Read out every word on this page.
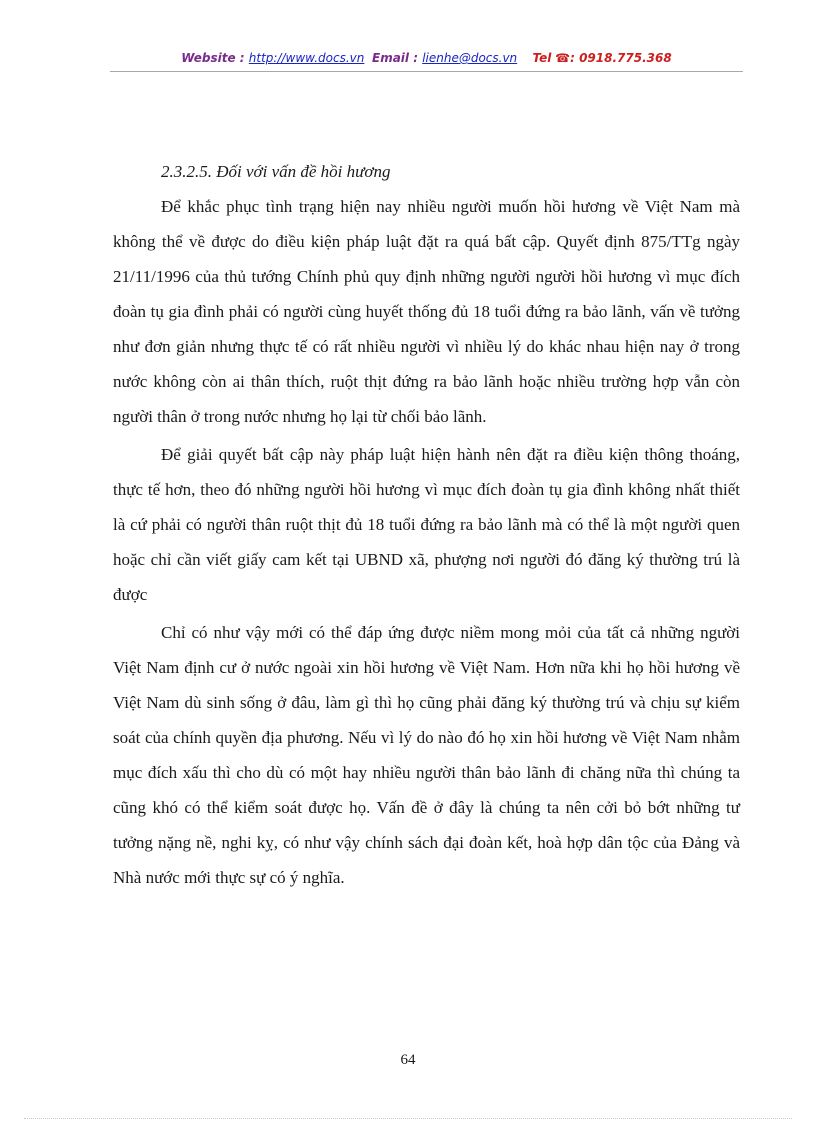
Website : http://www.docs.vn Email : lienhe@docs.vn Tel ☎: 0918.775.368

2.3.2.5. Đối với vấn đề hồi hương

Để khắc phục tình trạng hiện nay nhiều người muốn hồi hương về Việt Nam mà không thể về được do điều kiện pháp luật đặt ra quá bất cập. Quyết định 875/TTg ngày 21/11/1996 của thủ tướng Chính phủ quy định những người người hồi hương vì mục đích đoàn tụ gia đình phải có người cùng huyết thống đủ 18 tuổi đứng ra bảo lãnh, vấn về tưởng như đơn giản nhưng thực tế có rất nhiều người vì nhiều lý do khác nhau hiện nay ở trong nước không còn ai thân thích, ruột thịt đứng ra bảo lãnh hoặc nhiều trường hợp vẫn còn người thân ở trong nước nhưng họ lại từ chối bảo lãnh.

Để giải quyết bất cập này pháp luật hiện hành nên đặt ra điều kiện thông thoáng, thực tế hơn, theo đó những người hồi hương vì mục đích đoàn tụ gia đình không nhất thiết là cứ phải có người thân ruột thịt đủ 18 tuổi đứng ra bảo lãnh mà có thể là một người quen hoặc chỉ cần viết giấy cam kết tại UBND xã, phượng nơi người đó đăng ký thường trú là được

Chỉ có như vậy mới có thể đáp ứng được niềm mong mỏi của tất cả những người Việt Nam định cư ở nước ngoài xin hồi hương về Việt Nam. Hơn nữa khi họ hồi hương về Việt Nam dù sinh sống ở đâu, làm gì thì họ cũng phải đăng ký thường trú và chịu sự kiểm soát của chính quyền địa phương. Nếu vì lý do nào đó họ xin hồi hương về Việt Nam nhằm mục đích xấu thì cho dù có một hay nhiều người thân bảo lãnh đi chăng nữa thì chúng ta cũng khó có thể kiểm soát được họ. Vấn đề ở đây là chúng ta nên cởi bỏ bớt những tư tưởng nặng nề, nghi kỵ, có như vậy chính sách đại đoàn kết, hoà hợp dân tộc của Đảng và Nhà nước mới thực sự có ý nghĩa.

64
